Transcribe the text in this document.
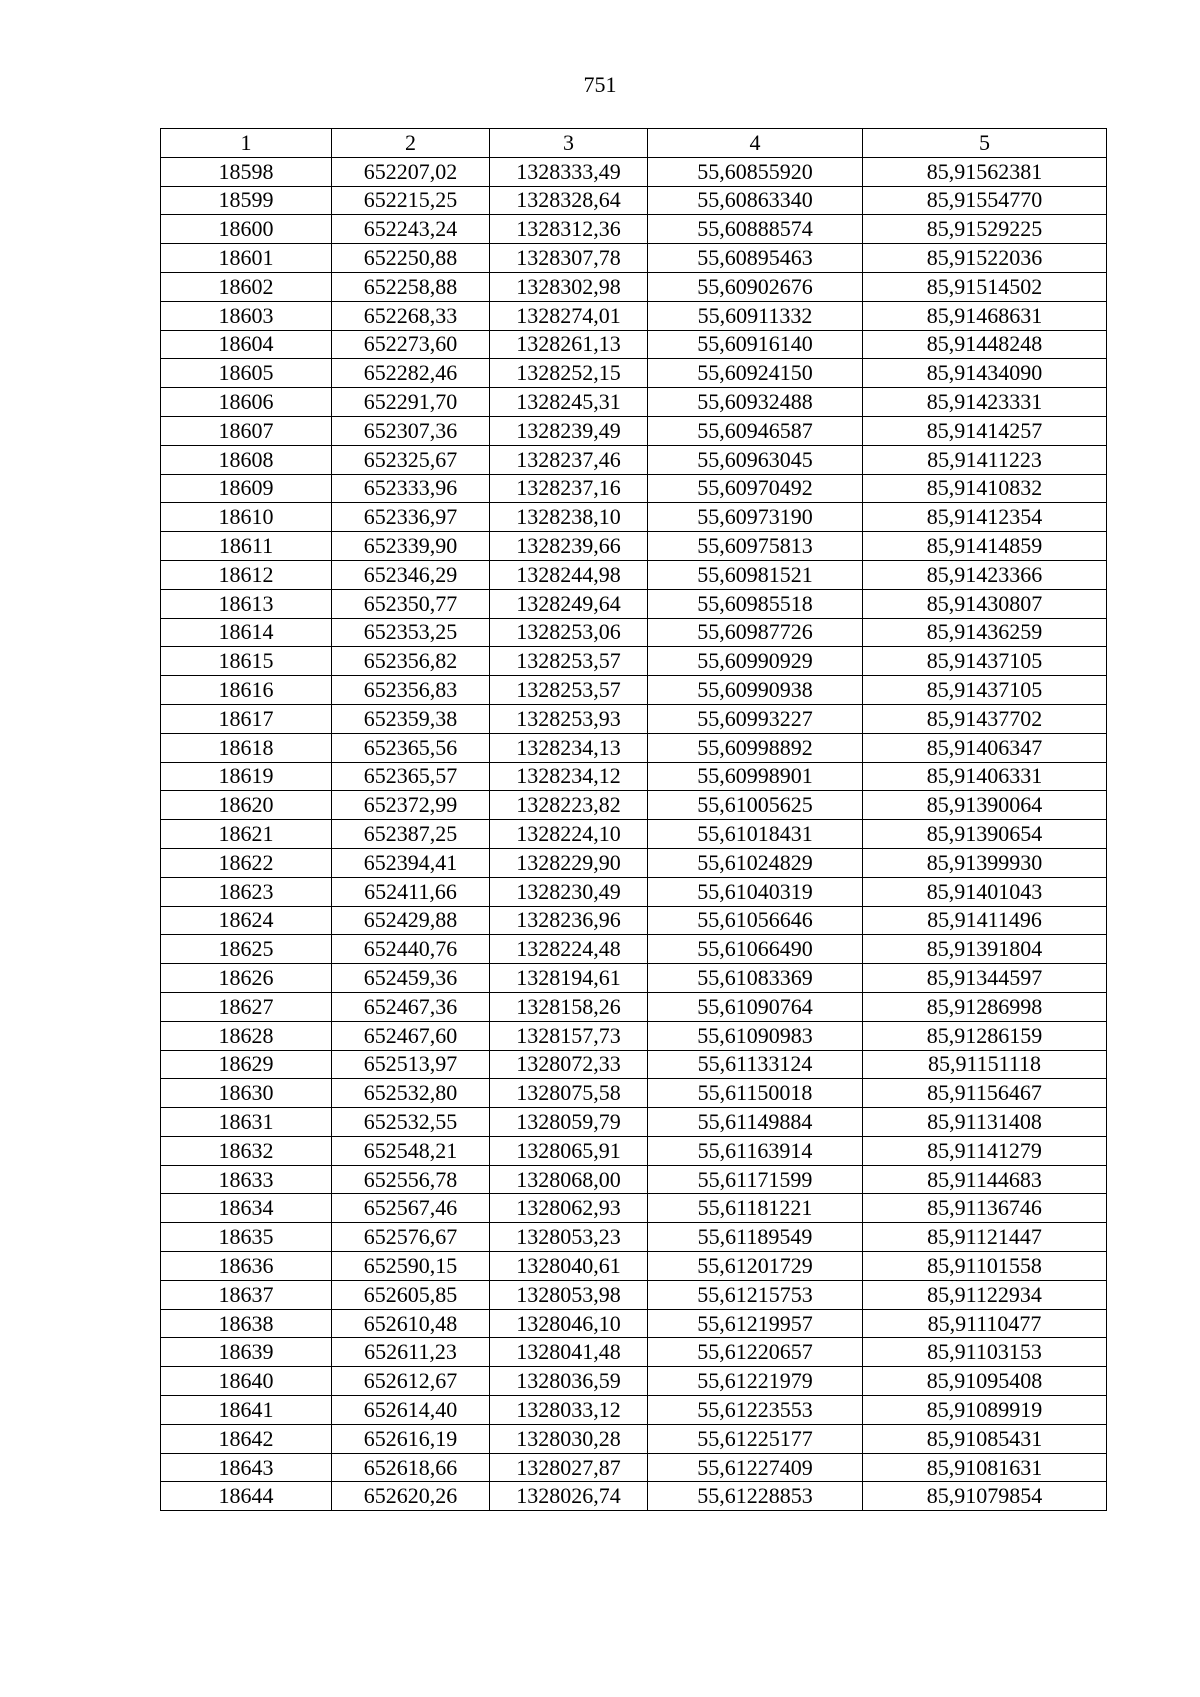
751
1	2	3	4	5
18598	652207,02	1328333,49	55,60855920	85,91562381
18599	652215,25	1328328,64	55,60863340	85,91554770
18600	652243,24	1328312,36	55,60888574	85,91529225
18601	652250,88	1328307,78	55,60895463	85,91522036
18602	652258,88	1328302,98	55,60902676	85,91514502
18603	652268,33	1328274,01	55,60911332	85,91468631
18604	652273,60	1328261,13	55,60916140	85,91448248
18605	652282,46	1328252,15	55,60924150	85,91434090
18606	652291,70	1328245,31	55,60932488	85,91423331
18607	652307,36	1328239,49	55,60946587	85,91414257
18608	652325,67	1328237,46	55,60963045	85,91411223
18609	652333,96	1328237,16	55,60970492	85,91410832
18610	652336,97	1328238,10	55,60973190	85,91412354
18611	652339,90	1328239,66	55,60975813	85,91414859
18612	652346,29	1328244,98	55,60981521	85,91423366
18613	652350,77	1328249,64	55,60985518	85,91430807
18614	652353,25	1328253,06	55,60987726	85,91436259
18615	652356,82	1328253,57	55,60990929	85,91437105
18616	652356,83	1328253,57	55,60990938	85,91437105
18617	652359,38	1328253,93	55,60993227	85,91437702
18618	652365,56	1328234,13	55,60998892	85,91406347
18619	652365,57	1328234,12	55,60998901	85,91406331
18620	652372,99	1328223,82	55,61005625	85,91390064
18621	652387,25	1328224,10	55,61018431	85,91390654
18622	652394,41	1328229,90	55,61024829	85,91399930
18623	652411,66	1328230,49	55,61040319	85,91401043
18624	652429,88	1328236,96	55,61056646	85,91411496
18625	652440,76	1328224,48	55,61066490	85,91391804
18626	652459,36	1328194,61	55,61083369	85,91344597
18627	652467,36	1328158,26	55,61090764	85,91286998
18628	652467,60	1328157,73	55,61090983	85,91286159
18629	652513,97	1328072,33	55,61133124	85,91151118
18630	652532,80	1328075,58	55,61150018	85,91156467
18631	652532,55	1328059,79	55,61149884	85,91131408
18632	652548,21	1328065,91	55,61163914	85,91141279
18633	652556,78	1328068,00	55,61171599	85,91144683
18634	652567,46	1328062,93	55,61181221	85,91136746
18635	652576,67	1328053,23	55,61189549	85,91121447
18636	652590,15	1328040,61	55,61201729	85,91101558
18637	652605,85	1328053,98	55,61215753	85,91122934
18638	652610,48	1328046,10	55,61219957	85,91110477
18639	652611,23	1328041,48	55,61220657	85,91103153
18640	652612,67	1328036,59	55,61221979	85,91095408
18641	652614,40	1328033,12	55,61223553	85,91089919
18642	652616,19	1328030,28	55,61225177	85,91085431
18643	652618,66	1328027,87	55,61227409	85,91081631
18644	652620,26	1328026,74	55,61228853	85,91079854
